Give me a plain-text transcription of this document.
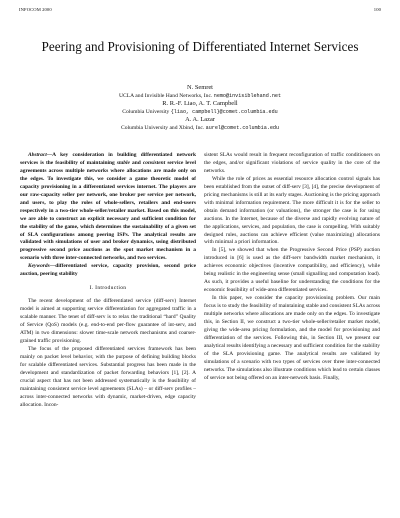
INFOCOM 2000	100
Peering and Provisioning of Differentiated Internet Services
N. Semret
UCLA and Invisible Hand Networks, Inc. nemo@invisiblehand.net
R. R.-F. Liao, A. T. Campbell
Columbia University {liao, campbell}@comet.columbia.edu
A. A. Lazar
Columbia University and Xbind, Inc. aurel@comet.columbia.edu

Abstract—A key consideration in building differentiated network services is the feasibility of maintaining stable and consistent service level agreements across multiple networks where allocations are made only on the edges. To investigate this, we consider a game theoretic model of capacity provisioning in a differentiated services internet. The players are our raw-capacity seller per network, one broker per service per network, and users, to play the roles of whole-sellers, retailers and end-users respectively in a two-tier whole-seller/retailer market. Based on this model, we are able to construct an explicit necessary and sufficient condition for the stability of the game, which determines the sustainability of a given set of SLA configurations among peering ISPs. The analytical results are validated with simulations of user and broker dynamics, using distributed progressive second price auctions as the spot market mechanism in a scenario with three inter-connected networks, and two services.

Keywords—differentiated service, capacity provision, second price auction, peering stability

I. Introduction

The recent development of the differentiated service (diff-serv) Internet model is aimed at supporting service differentiation for aggregated traffic in a scalable manner. The tenet of diff-serv is to relax the traditional “hard” Quality of Service (QoS) models (e.g. end-to-end per-flow guarantee of int-serv, and ATM) in two dimensions: slower time-scale network mechanisms and coarser-grained traffic provisioning.

The focus of the proposed differentiated services framework has been mainly on packet level behavior, with the purpose of defining building blocks for scalable differentiated services. Substantial progress has been made in the development and standardization of packet forwarding behaviors [1], [2]. A crucial aspect that has not been addressed systematically is the feasibility of maintaining consistent service level agreements (SLAs) – or diff-serv profiles – across inter-connected networks with dynamic, market-driven, edge capacity allocation. Incon-

sistent SLAs would result in frequent reconfiguration of traffic conditioners on the edges, and/or significant violations of service quality in the core of the networks.

While the role of prices as essential resource allocation control signals has been established from the outset of diff-serv [3], [4], the precise development of pricing mechanisms is still at its early stages. Auctioning is the pricing approach with minimal information requirement. The more difficult it is for the seller to obtain demand information (or valuations), the stronger the case is for using auctions. In the Internet, because of the diverse and rapidly evolving nature of the applications, services, and population, the case is compelling. With suitably designed rules, auctions can achieve efficient (value maximizing) allocations with minimal a priori information.

In [5], we showed that when the Progressive Second Price (PSP) auction introduced in [6] is used as the diff-serv bandwidth market mechanism, it achieves economic objectives (incentive compatibility, and efficiency), while being realistic in the engineering sense (small signalling and computation load). As such, it provides a useful baseline for understanding the conditions for the economic feasibility of wide-area differentiated services.

In this paper, we consider the capacity provisioning problem. Our main focus is to study the feasibility of maintaining stable and consistent SLAs across multiple networks where allocations are made only on the edges. To investigate this, in Section II, we construct a two-tier whole-seller/retailer market model, giving the wide-area pricing formulation, and the model for provisioning and differentiation of the services. Following this, in Section III, we present our analytical results identifying a necessary and sufficient condition for the stability of the SLA provisioning game. The analytical results are validated by simulations of a scenario with two types of services over three inter-connected networks. The simulations also illustrate conditions which lead to certain classes of service not being offered on an inter-network basis. Finally,
